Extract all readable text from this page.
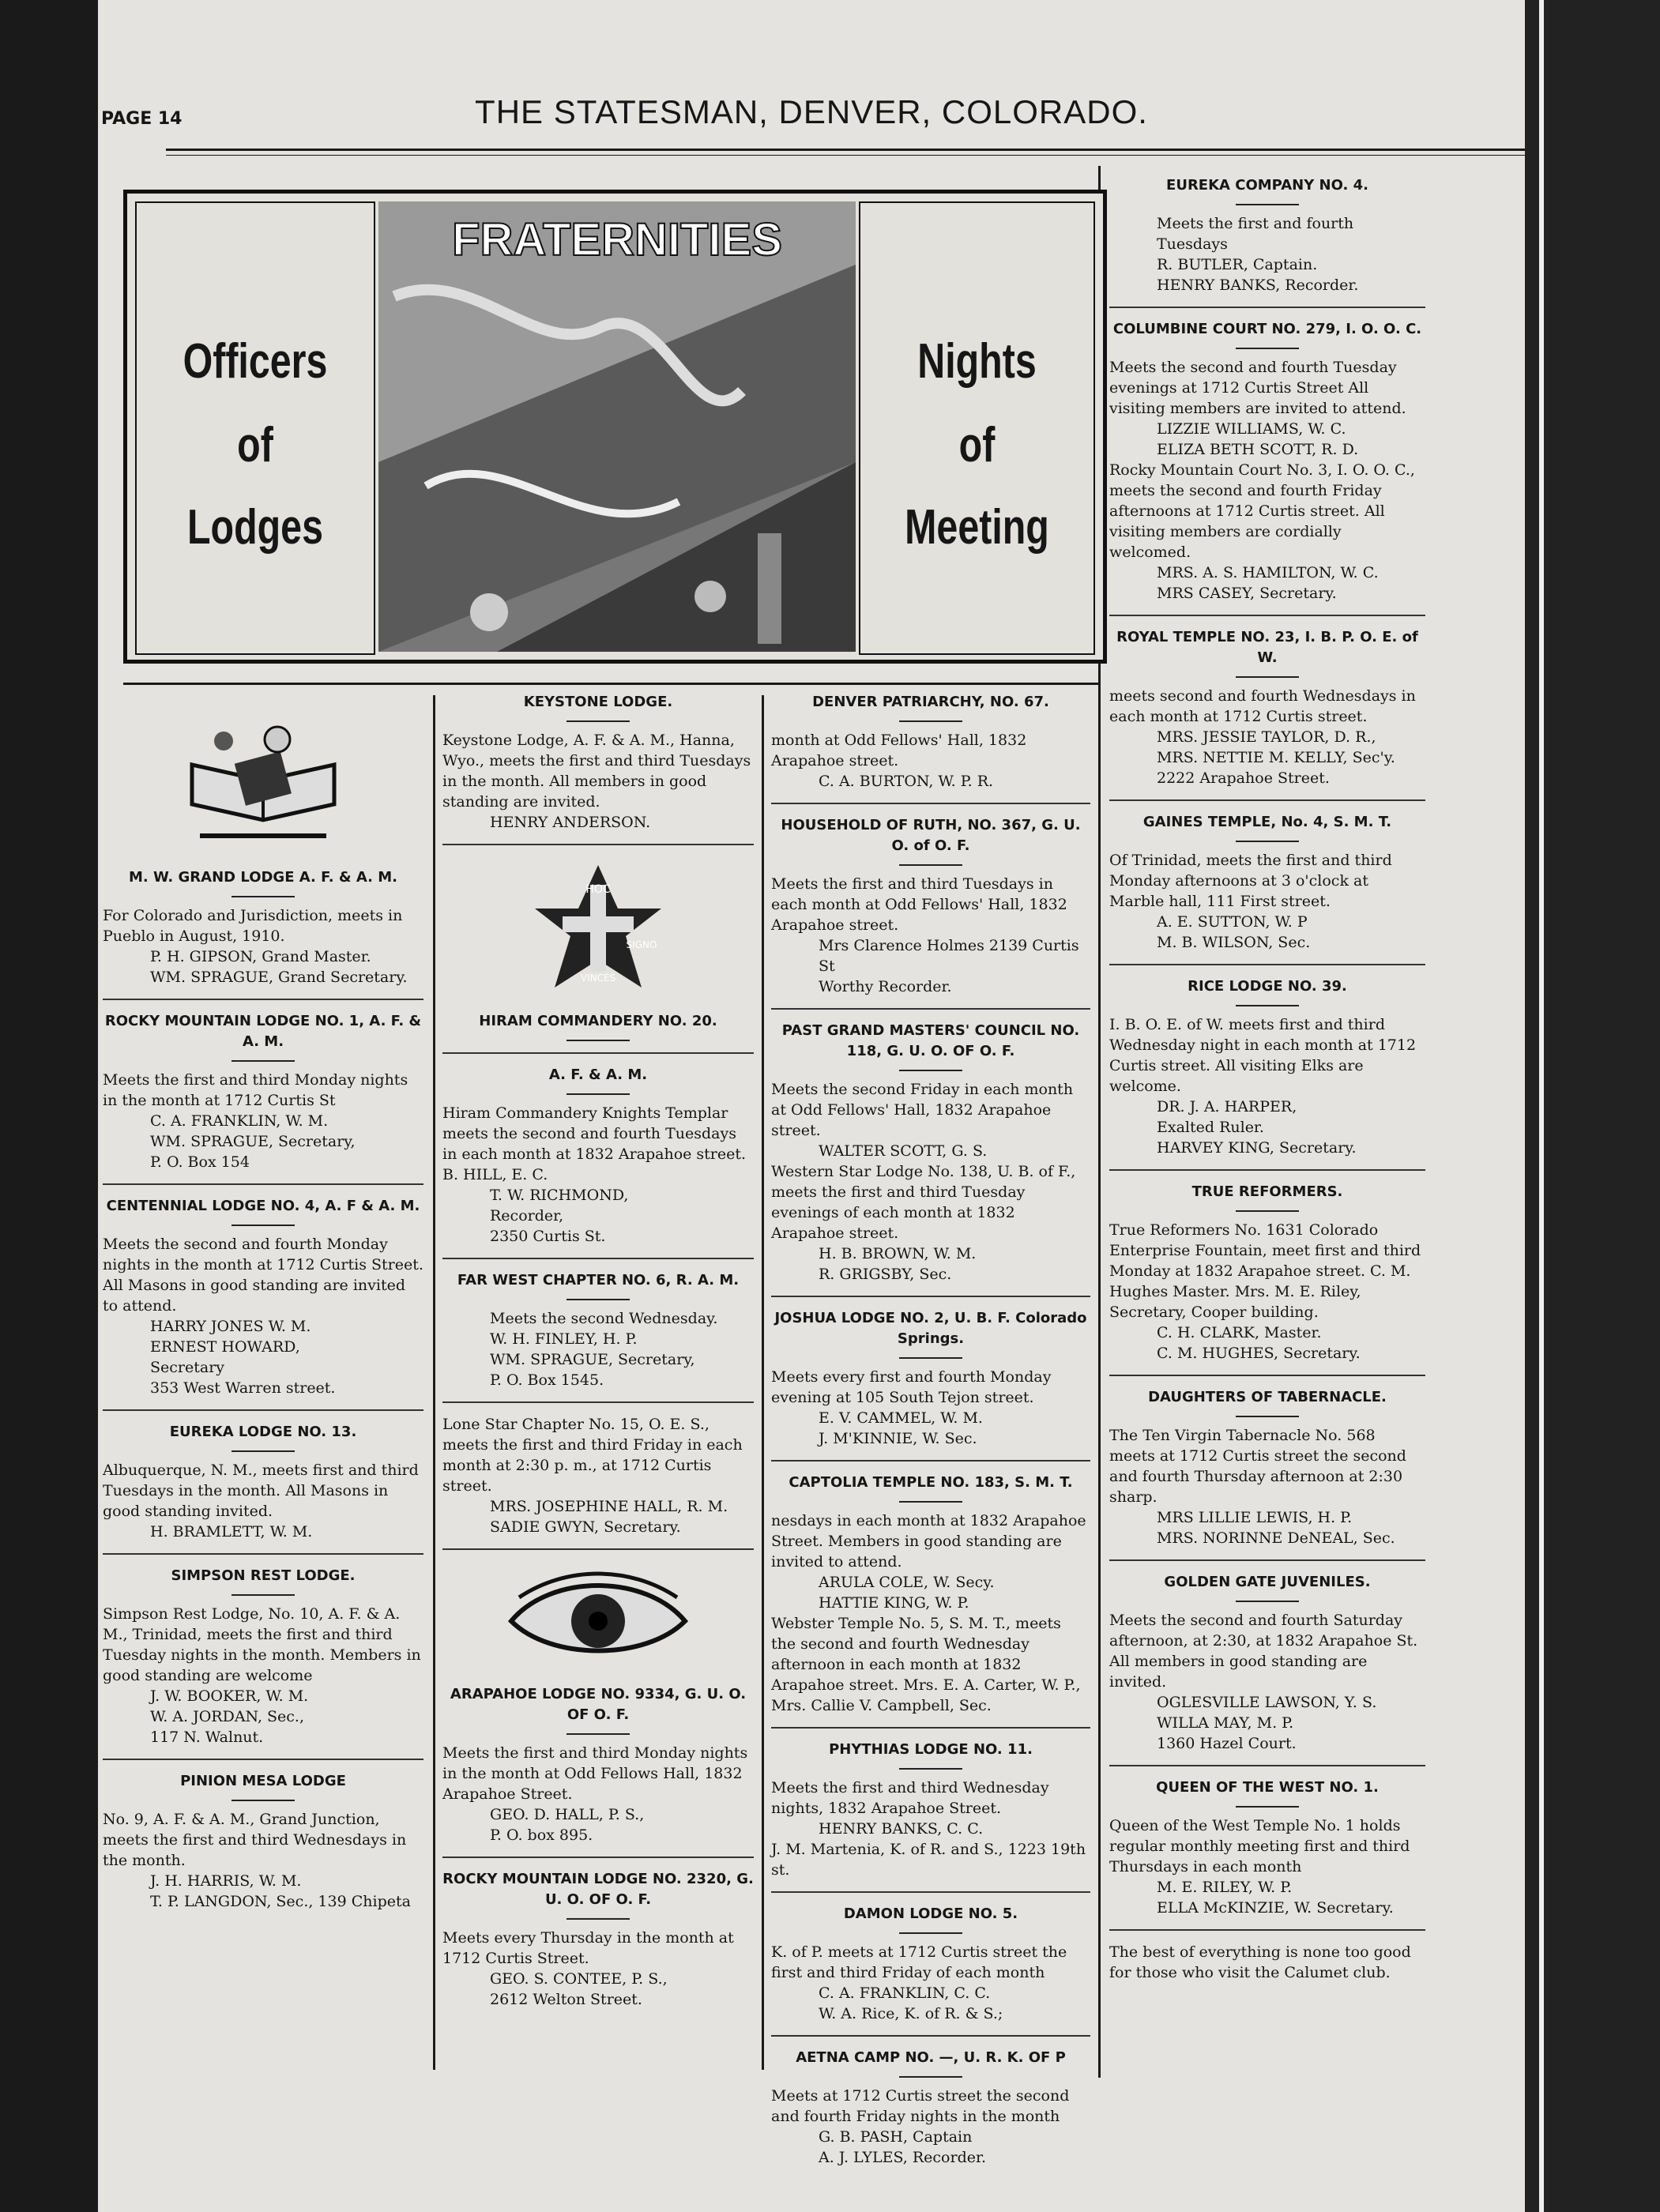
PAGE 14	THE STATESMAN, DENVER, COLORADO.
Officers
of
Lodges
FRATERNITIES
Nights
of
Meeting

M. W. GRAND LODGE A. F. & A. M.

For Colorado and Jurisdiction, meets in Pueblo in August, 1910.

P. H. GIPSON, Grand Master.

WM. SPRAGUE, Grand Secretary.

ROCKY MOUNTAIN LODGE NO. 1, A. F. & A. M.

Meets the first and third Monday nights in the month at 1712 Curtis St

C. A. FRANKLIN, W. M.

WM. SPRAGUE, Secretary,

P. O. Box 154

CENTENNIAL LODGE NO. 4, A. F & A. M.

Meets the second and fourth Monday nights in the month at 1712 Curtis Street. All Masons in good standing are invited to attend.

HARRY JONES W. M.

ERNEST HOWARD,

Secretary

353 West Warren street.

EUREKA LODGE NO. 13.

Albuquerque, N. M., meets first and third Tuesdays in the month. All Masons in good standing invited.

H. BRAMLETT, W. M.

SIMPSON REST LODGE.

Simpson Rest Lodge, No. 10, A. F. & A. M., Trinidad, meets the first and third Tuesday nights in the month. Members in good standing are welcome

J. W. BOOKER, W. M.

W. A. JORDAN, Sec.,

117 N. Walnut.

PINION MESA LODGE

No. 9, A. F. & A. M., Grand Junction, meets the first and third Wednesdays in the month.

J. H. HARRIS, W. M.

T. P. LANGDON, Sec., 139 Chipeta

KEYSTONE LODGE.

Keystone Lodge, A. F. & A. M., Hanna, Wyo., meets the first and third Tuesdays in the month. All members in good standing are invited.

HENRY ANDERSON.

HOC
SIGNO
VINCES

HIRAM COMMANDERY NO. 20.

A. F. & A. M.

Hiram Commandery Knights Templar meets the second and fourth Tuesdays in each month at 1832 Arapahoe street. B. HILL, E. C.

T. W. RICHMOND,

Recorder,

2350 Curtis St.

FAR WEST CHAPTER NO. 6, R. A. M.

Meets the second Wednesday.

W. H. FINLEY, H. P.

WM. SPRAGUE, Secretary,

P. O. Box 1545.

Lone Star Chapter No. 15, O. E. S., meets the first and third Friday in each month at 2:30 p. m., at 1712 Curtis street.

MRS. JOSEPHINE HALL, R. M.

SADIE GWYN, Secretary.

ARAPAHOE LODGE NO. 9334, G. U. O. OF O. F.

Meets the first and third Monday nights in the month at Odd Fellows Hall, 1832 Arapahoe Street.

GEO. D. HALL, P. S.,

P. O. box 895.

ROCKY MOUNTAIN LODGE NO. 2320, G. U. O. OF O. F.

Meets every Thursday in the month at 1712 Curtis Street.

GEO. S. CONTEE, P. S.,

2612 Welton Street.

DENVER PATRIARCHY, NO. 67.

month at Odd Fellows' Hall, 1832 Arapahoe street.

C. A. BURTON, W. P. R.

HOUSEHOLD OF RUTH, NO. 367, G. U. O. of O. F.

Meets the first and third Tuesdays in each month at Odd Fellows' Hall, 1832 Arapahoe street.

Mrs Clarence Holmes 2139 Curtis St

Worthy Recorder.

PAST GRAND MASTERS' COUNCIL NO. 118, G. U. O. OF O. F.

Meets the second Friday in each month at Odd Fellows' Hall, 1832 Arapahoe street.

WALTER SCOTT, G. S.

Western Star Lodge No. 138, U. B. of F., meets the first and third Tuesday evenings of each month at 1832 Arapahoe street.

H. B. BROWN, W. M.

R. GRIGSBY, Sec.

JOSHUA LODGE NO. 2, U. B. F. Colorado Springs.

Meets every first and fourth Monday evening at 105 South Tejon street.

E. V. CAMMEL, W. M.

J. M'KINNIE, W. Sec.

CAPTOLIA TEMPLE NO. 183, S. M. T.

nesdays in each month at 1832 Arapahoe Street. Members in good standing are invited to attend.

ARULA COLE, W. Secy.

HATTIE KING, W. P.

Webster Temple No. 5, S. M. T., meets the second and fourth Wednesday afternoon in each month at 1832 Arapahoe street. Mrs. E. A. Carter, W. P., Mrs. Callie V. Campbell, Sec.

PHYTHIAS LODGE NO. 11.

Meets the first and third Wednesday nights, 1832 Arapahoe Street.

HENRY BANKS, C. C.

J. M. Martenia, K. of R. and S., 1223 19th st.

DAMON LODGE NO. 5.

K. of P. meets at 1712 Curtis street the first and third Friday of each month

C. A. FRANKLIN, C. C.

W. A. Rice, K. of R. & S.;

AETNA CAMP NO. —, U. R. K. OF P

Meets at 1712 Curtis street the second and fourth Friday nights in the month

G. B. PASH, Captain

A. J. LYLES, Recorder.

EUREKA COMPANY NO. 4.

Meets the first and fourth Tuesdays

R. BUTLER, Captain.

HENRY BANKS, Recorder.

COLUMBINE COURT NO. 279, I. O. O. C.

Meets the second and fourth Tuesday evenings at 1712 Curtis Street All visiting members are invited to attend.

LIZZIE WILLIAMS, W. C.

ELIZA BETH SCOTT, R. D.

Rocky Mountain Court No. 3, I. O. O. C., meets the second and fourth Friday afternoons at 1712 Curtis street. All visiting members are cordially welcomed.

MRS. A. S. HAMILTON, W. C.

MRS CASEY, Secretary.

ROYAL TEMPLE NO. 23, I. B. P. O. E. of W.

meets second and fourth Wednesdays in each month at 1712 Curtis street.

MRS. JESSIE TAYLOR, D. R.,

MRS. NETTIE M. KELLY, Sec'y.

2222 Arapahoe Street.

GAINES TEMPLE, No. 4, S. M. T.

Of Trinidad, meets the first and third Monday afternoons at 3 o'clock at Marble hall, 111 First street.

A. E. SUTTON, W. P

M. B. WILSON, Sec.

RICE LODGE NO. 39.

I. B. O. E. of W. meets first and third Wednesday night in each month at 1712 Curtis street. All visiting Elks are welcome.

DR. J. A. HARPER,

Exalted Ruler.

HARVEY KING, Secretary.

TRUE REFORMERS.

True Reformers No. 1631 Colorado Enterprise Fountain, meet first and third Monday at 1832 Arapahoe street. C. M. Hughes Master. Mrs. M. E. Riley, Secretary, Cooper building.

C. H. CLARK, Master.

C. M. HUGHES, Secretary.

DAUGHTERS OF TABERNACLE.

The Ten Virgin Tabernacle No. 568 meets at 1712 Curtis street the second and fourth Thursday afternoon at 2:30 sharp.

MRS LILLIE LEWIS, H. P.

MRS. NORINNE DeNEAL, Sec.

GOLDEN GATE JUVENILES.

Meets the second and fourth Saturday afternoon, at 2:30, at 1832 Arapahoe St. All members in good standing are invited.

OGLESVILLE LAWSON, Y. S.

WILLA MAY, M. P.

1360 Hazel Court.

QUEEN OF THE WEST NO. 1.

Queen of the West Temple No. 1 holds regular monthly meeting first and third Thursdays in each month

M. E. RILEY, W. P.

ELLA McKINZIE, W. Secretary.

The best of everything is none too good for those who visit the Calumet club.
